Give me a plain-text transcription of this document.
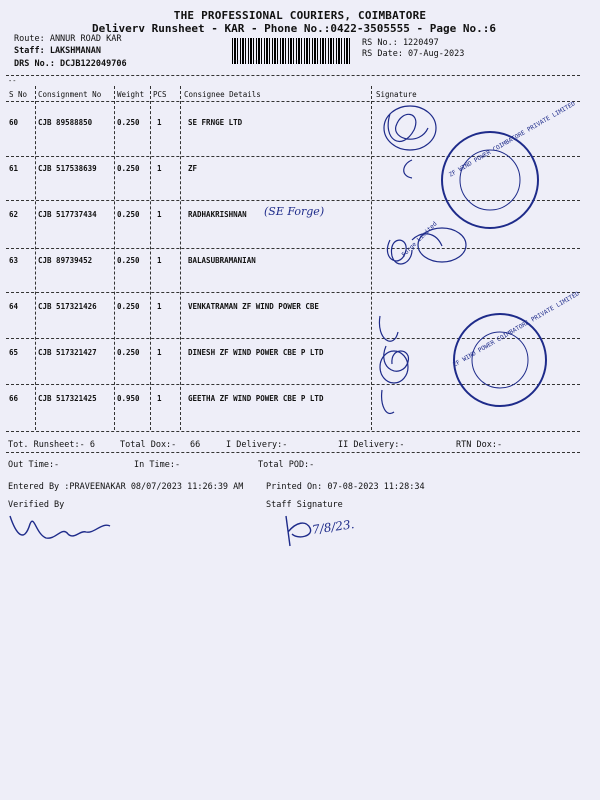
THE PROFESSIONAL COURIERS, COIMBATORE
Deliverv Runsheet - KAR - Phone No.:0422-3505555 - Page No.:6
Route: ANNUR ROAD KAR
Staff: LAKSHMANAN
DRS No.: DCJB122049706
RS No.: 1220497
RS Date: 07-Aug-2023
--
S No Consignment No Weight PCS Consignee Details	Signature
60	CJB 89588850	0.250 1	SE FRNGE LTD
61	CJB 517538639	0.250 1	ZF
62	CJB 517737434	0.250 1	RADHAKRISHNAN (SE Forge)
63	CJB 89739452	0.250 1	BALASUBRAMANIAN
64	CJB 517321426	0.250 1	VENKATRAMAN ZF WIND POWER CBE
65	CJB 517321427	0.250 1	DINESH ZF WIND POWER CBE P LTD
66	CJB 517321425	0.950 1	GEETHA ZF WIND POWER CBE P LTD
ZF WIND POWER COIMBATORE PRIVATE LIMITED
Forge Limited
ZF WIND POWER COIMBATORE PRIVATE LIMITED
Tot. Runsheet:- 6	Total Dox:- 66	I Delivery:-	II Delivery:-	RTN Dox:-
Out Time:-	In Time:-	Total POD:-
Entered By :PRAVEENAKAR 08/07/2023 11:26:39 AM	Printed On: 07-08-2023 11:28:34
Verified By	Staff Signature
7/8/23.
